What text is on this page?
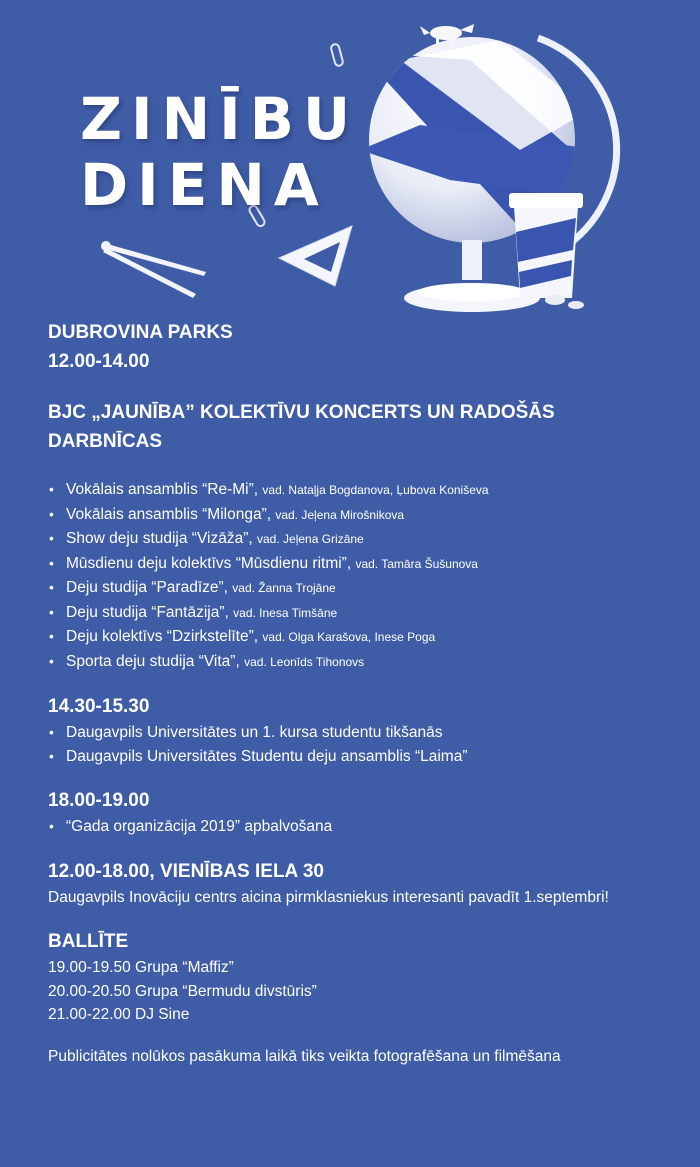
ZINĪBU
DIENA

DUBROVINA PARKS

12.00-14.00

BJC „JAUNĪBA” KOLEKTĪVU KONCERTS UN RADOŠĀS DARBNĪCAS

• Vokālais ansamblis “Re-Mi”, vad. Nataļja Bogdanova, Ļubova Konіševa
• Vokālais ansamblis “Milonga”, vad. Jeļena Mirošnikova
• Show deju studija “Vizāža”, vad. Jeļena Grizāne
• Mūsdienu deju kolektīvs “Mūsdienu ritmi”, vad. Tamāra Šušunova
• Deju studija “Paradīze”, vad. Žanna Trojāne
• Deju studija “Fantāzija”, vad. Inesa Timšāne
• Deju kolektīvs “Dzirkstelīte”, vad. Olga Karašova, Inese Poga
• Sporta deju studija “Vita”, vad. Leonīds Tihonovs

14.30-15.30

• Daugavpils Universitātes un 1. kursa studentu tikšanās
• Daugavpils Universitātes Studentu deju ansamblis “Laima”

18.00-19.00

• “Gada organizācija 2019” apbalvošana

12.00-18.00, VIENĪBAS IELA 30

Daugavpils Inovāciju centrs aicina pirmklasniekus interesanti pavadīt 1.septembri!

BALLĪTE

19.00-19.50 Grupa “Maffiz”

20.00-20.50 Grupa “Bermudu divstūris”

21.00-22.00 DJ Sine

Publicitātes nolūkos pasākuma laikā tiks veikta fotografēšana un filmēšana
